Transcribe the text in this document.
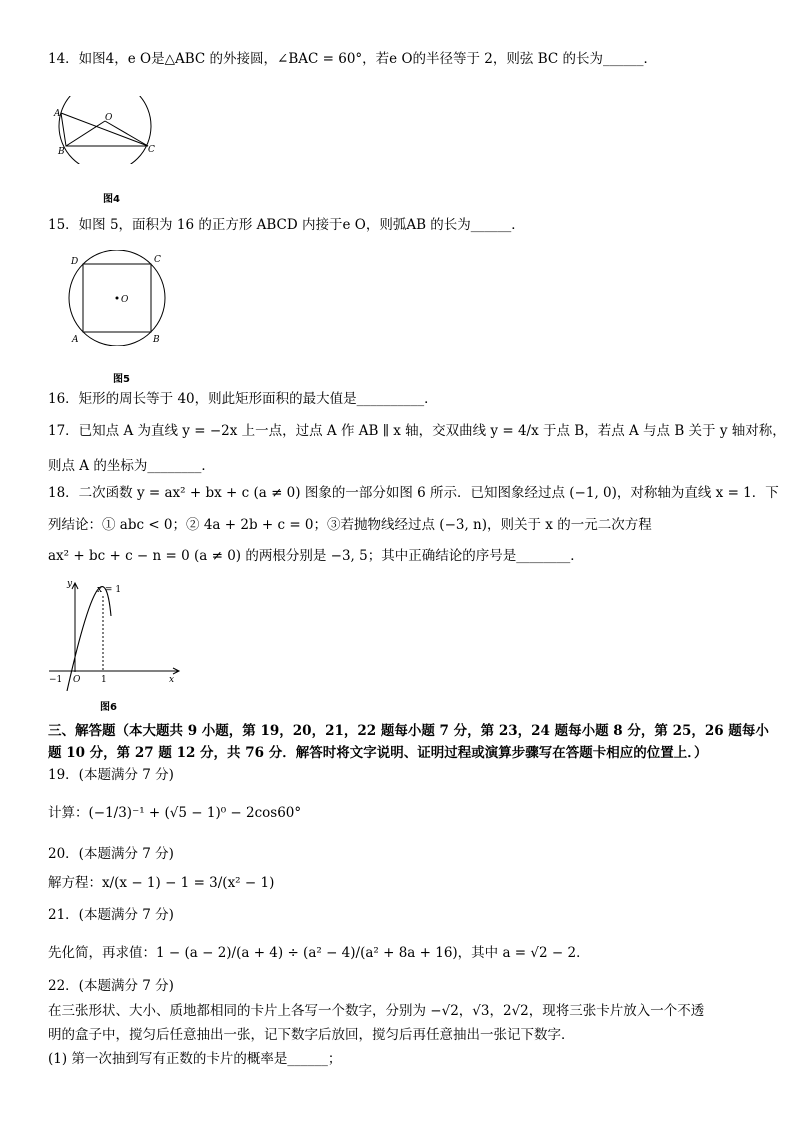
14．如图4，e O是△ABC 的外接圆，∠BAC = 60°，若e O的半径等于 2，则弦 BC 的长为______．
A	O
B	C
图4
15．如图 5，面积为 16 的正方形 ABCD 内接于e O，则弧AB 的长为______．
O
D	C
A	B
图5
16．矩形的周长等于 40，则此矩形面积的最大值是__________．
17．已知点 A 为直线 y = −2x 上一点，过点 A 作 AB ∥ x 轴，交双曲线 y = 4/x 于点 B，若点 A 与点 B 关于 y 轴对称，
则点 A 的坐标为________．
18．二次函数 y = ax² + bx + c (a ≠ 0) 图象的一部分如图 6 所示．已知图象经过点 (−1, 0)，对称轴为直线 x = 1．下
列结论：① abc < 0；② 4a + 2b + c = 0；③若抛物线经过点 (−3, n)，则关于 x 的一元二次方程
ax² + bc + c − n = 0 (a ≠ 0) 的两根分别是 −3, 5；其中正确结论的序号是________．
y
x
x = 1
−1 O 1
图6
三、解答题（本大题共 9 小题，第 19，20，21，22 题每小题 7 分，第 23，24 题每小题 8 分，第 25，26 题每小
题 10 分，第 27 题 12 分，共 76 分．解答时将文字说明、证明过程或演算步骤写在答题卡相应的位置上．）
19．(本题满分 7 分)
计算：(−1/3)⁻¹ + (√5 − 1)⁰ − 2cos60°
20．(本题满分 7 分)
解方程：x/(x − 1) − 1 = 3/(x² − 1)
21．(本题满分 7 分)
先化简，再求值：1 − (a − 2)/(a + 4) ÷ (a² − 4)/(a² + 8a + 16)，其中 a = √2 − 2．
22．(本题满分 7 分)
在三张形状、大小、质地都相同的卡片上各写一个数字，分别为 −√2，√3，2√2，现将三张卡片放入一个不透
明的盒子中，搅匀后任意抽出一张，记下数字后放回，搅匀后再任意抽出一张记下数字．
(1) 第一次抽到写有正数的卡片的概率是______；
